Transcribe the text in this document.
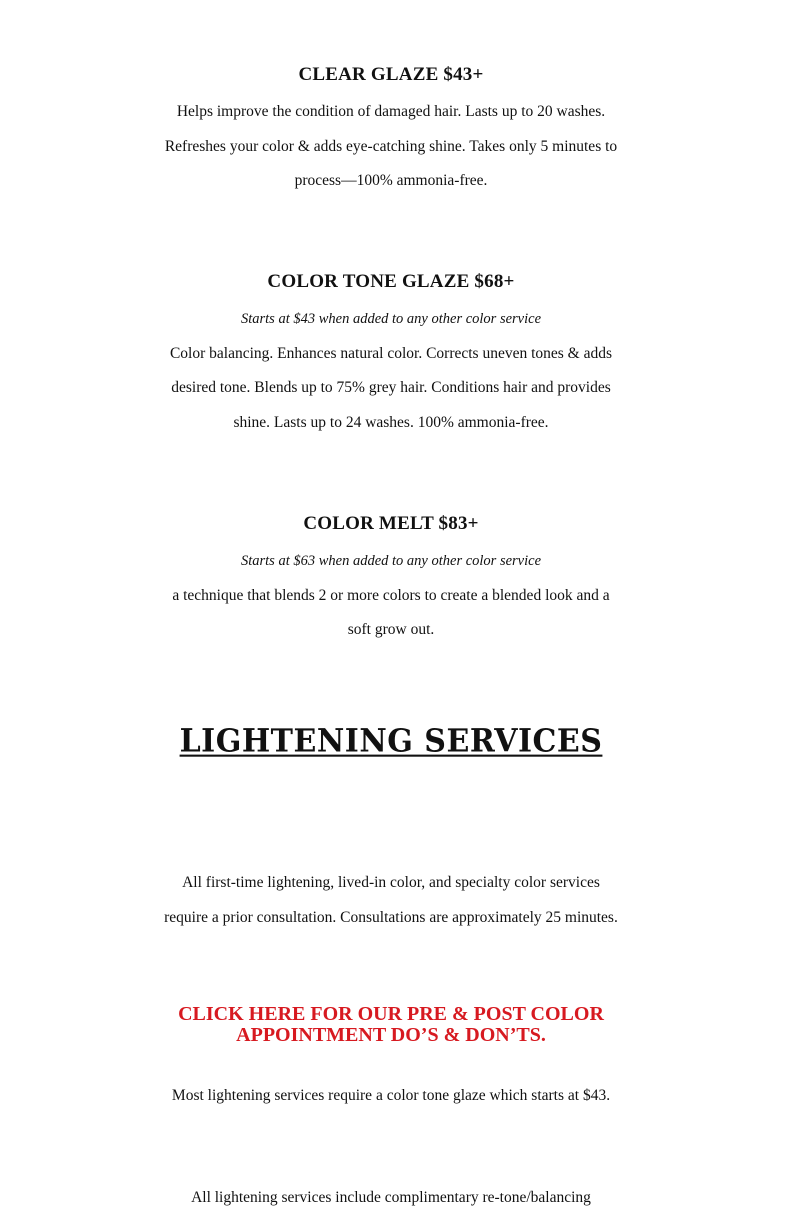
CLEAR GLAZE $43+

Helps improve the condition of damaged hair. Lasts up to 20 washes. Refreshes your color & adds eye-catching shine. Takes only 5 minutes to process—100% ammonia-free.

COLOR TONE GLAZE $68+

Starts at $43 when added to any other color service

Color balancing. Enhances natural color. Corrects uneven tones & adds desired tone. Blends up to 75% grey hair. Conditions hair and provides shine. Lasts up to 24 washes. 100% ammonia-free.

COLOR MELT $83+

Starts at $63 when added to any other color service

a technique that blends 2 or more colors to create a blended look and a soft grow out.

LIGHTENING SERVICES

All first-time lightening, lived-in color, and specialty color services require a prior consultation. Consultations are approximately 25 minutes.

CLICK HERE FOR OUR PRE & POST COLOR APPOINTMENT DO’S & DON’TS.

Most lightening services require a color tone glaze which starts at $43.

All lightening services include complimentary re-tone/balancing
